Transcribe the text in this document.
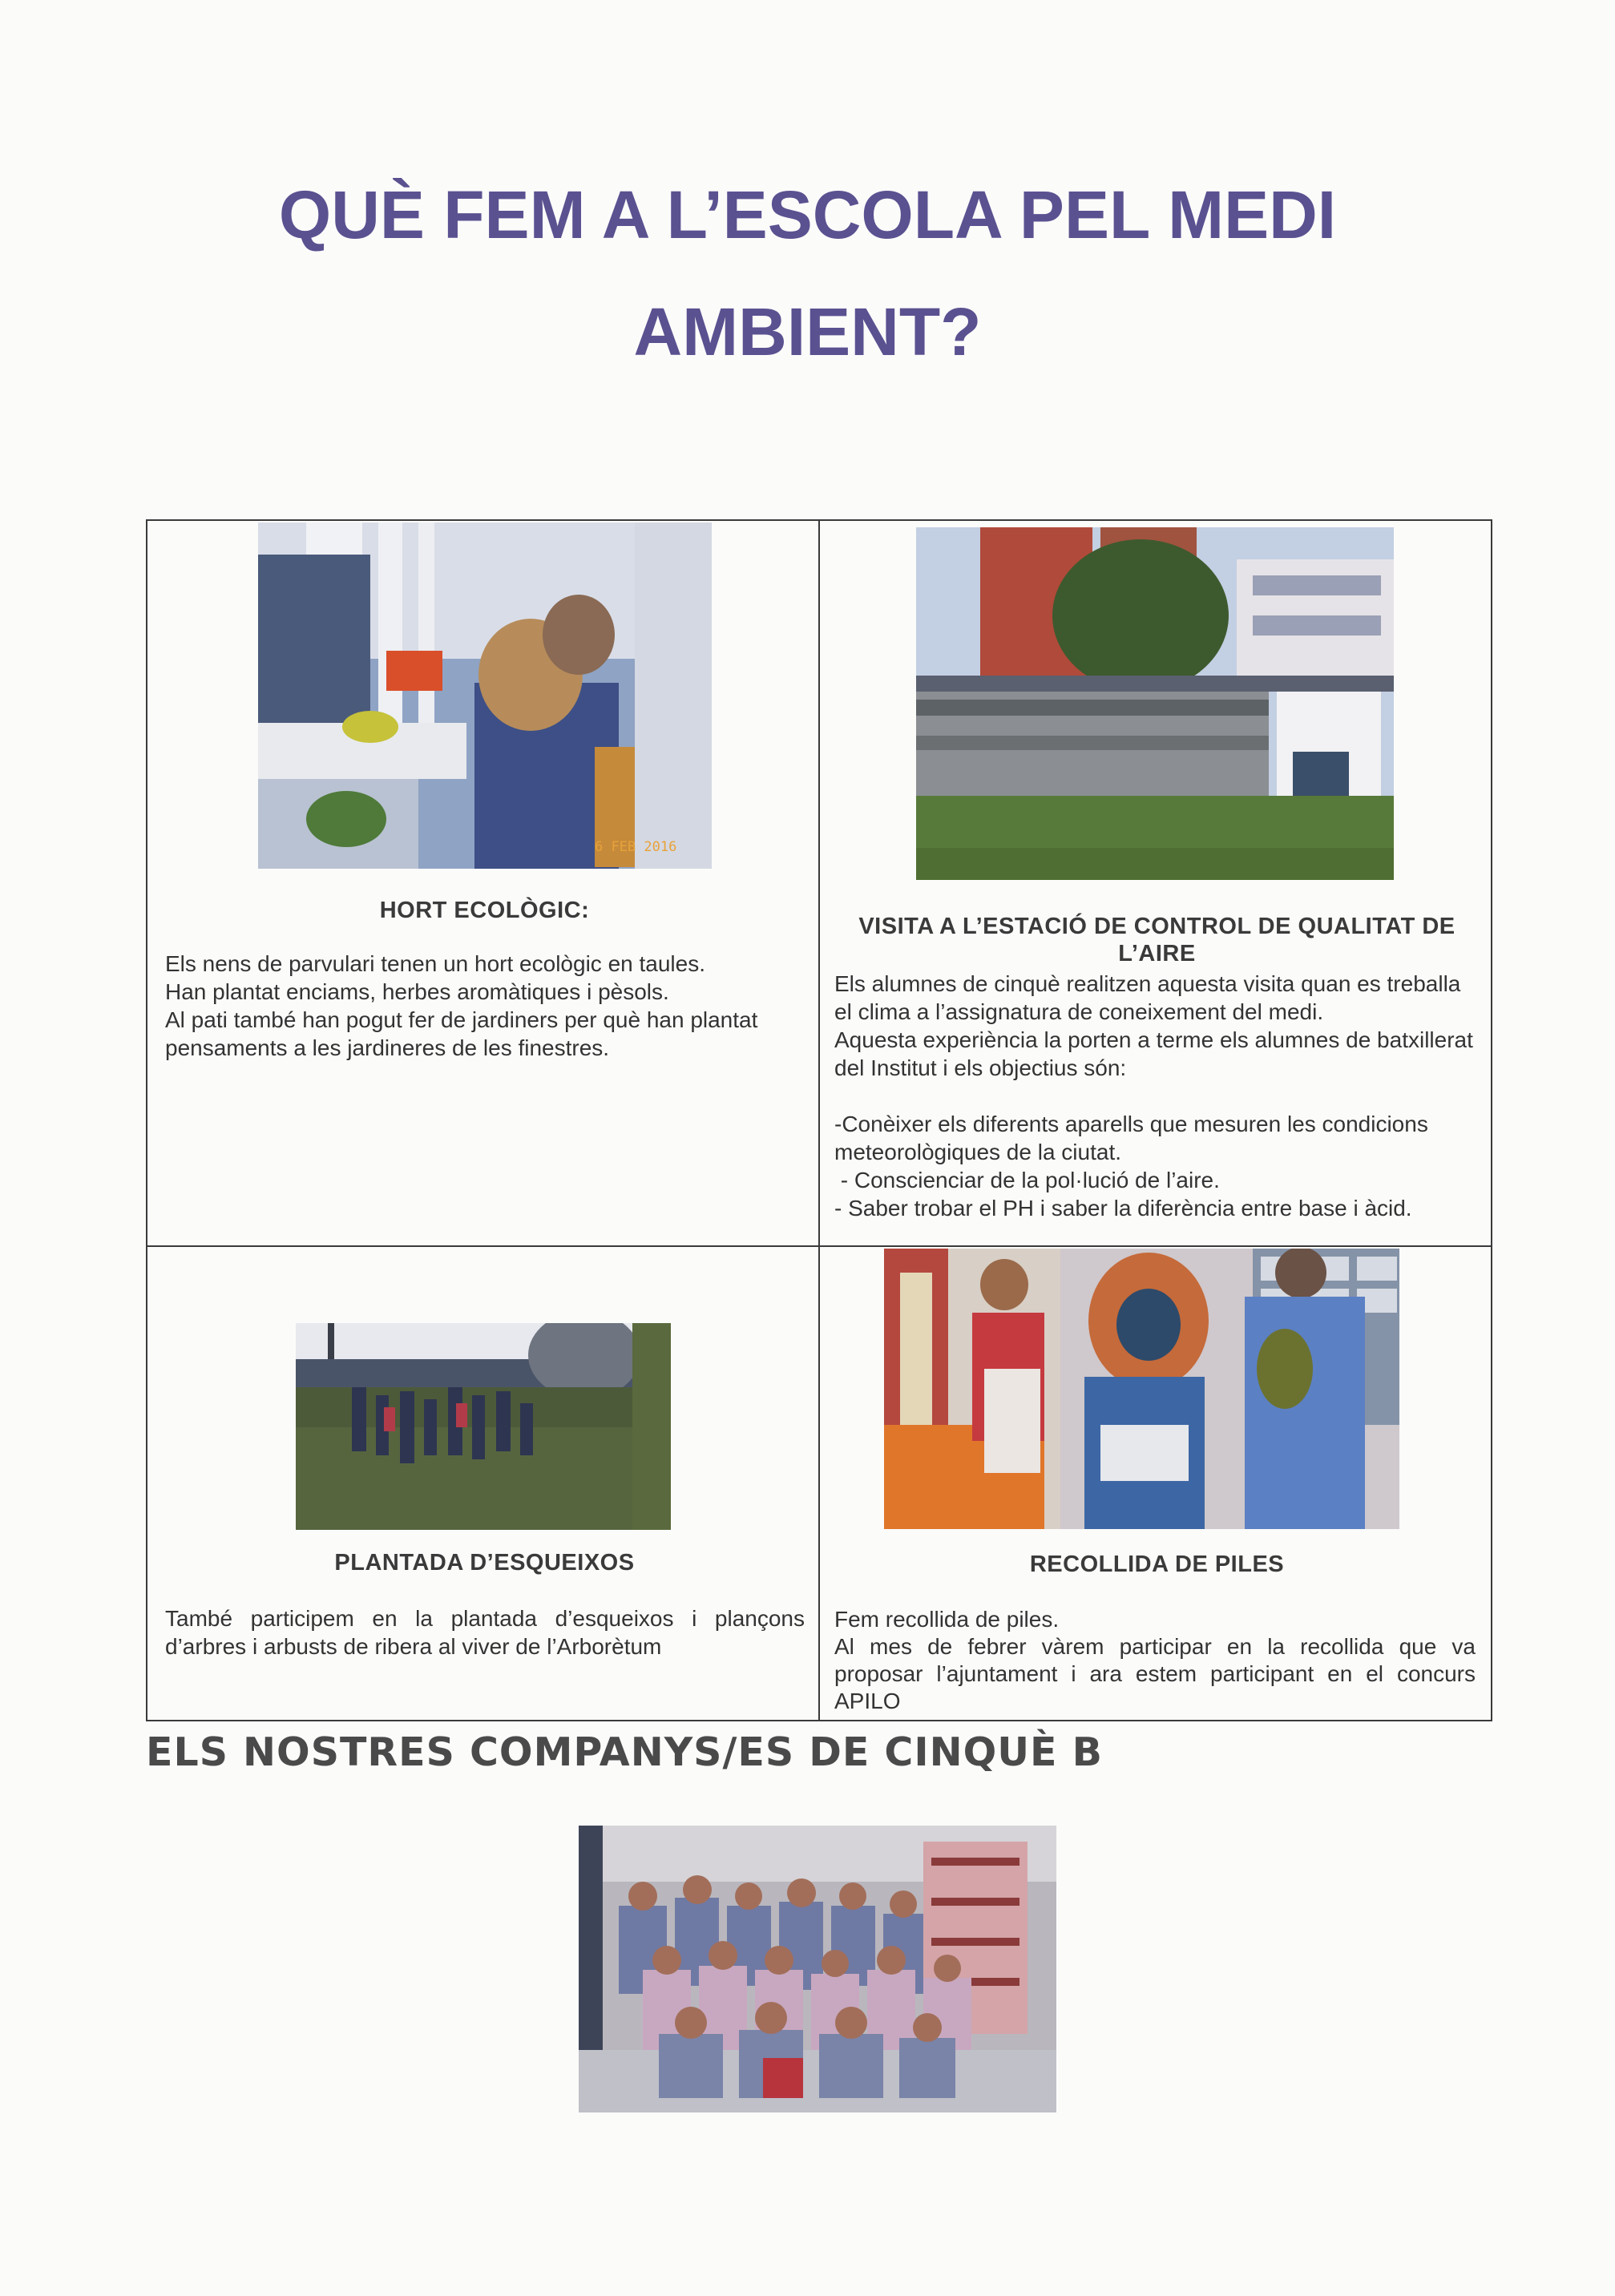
QUÈ FEM A L’ESCOLA PEL MEDI
AMBIENT?
6 FEB 2016
HORT ECOLÒGIC:

Els nens de parvulari tenen un hort ecològic en taules.

Han plantat enciams, herbes aromàtiques i pèsols.

Al pati també han pogut fer de jardiners per què han plantat pensaments a les jardineres de les finestres.

VISITA A L’ESTACIÓ DE CONTROL DE QUALITAT DE
L’AIRE

Els alumnes de cinquè realitzen aquesta visita quan es treballa el clima a l’assignatura de coneixement del medi.

Aquesta experiència la porten a terme els alumnes de batxillerat del Institut i els objectius són:

-Conèixer els diferents aparells que mesuren les condicions meteorològiques de la ciutat.

- Conscienciar de la pol·lució de l’aire.

- Saber trobar el PH i saber la diferència entre base i àcid.

PLANTADA D’ESQUEIXOS

També participem en la plantada d’esqueixos i plançons d’arbres i arbusts de ribera al viver de l’Arborètum

RECOLLIDA DE PILES

Fem recollida de piles.

Al mes de febrer vàrem participar en la recollida que va proposar l’ajuntament i ara estem participant en el concurs APILO

ELS NOSTRES COMPANYS/ES DE CINQUÈ B
